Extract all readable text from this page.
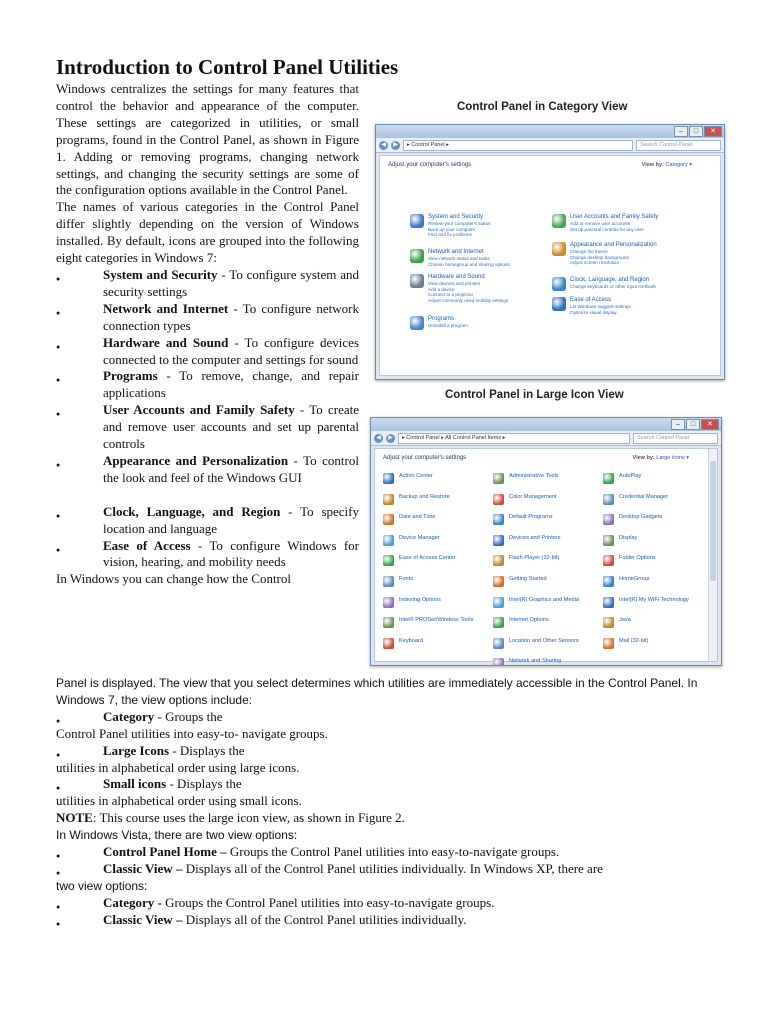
Introduction to Control Panel Utilities

Windows centralizes the settings for many features that control the behavior and appearance of the computer. These settings are categorized in utilities, or small programs, found in the Control Panel, as shown in Figure 1. Adding or removing programs, changing network settings, and changing the security settings are some of the configuration options available in the Control Panel.

The names of various categories in the Control Panel differ slightly depending on the version of Windows installed. By default, icons are grouped into the following eight categories in Windows 7:

●	System and Security - To configure system and security settings

●	Network and Internet - To configure network connection types

●	Hardware and Sound - To configure devices connected to the computer and settings for sound

●	Programs - To remove, change, and repair applications

●	User Accounts and Family Safety - To create and remove user accounts and set up parental controls

●	Appearance and Personalization - To control the look and feel of the Windows GUI

●	Clock, Language, and Region - To specify location and language

●	Ease of Access - To configure Windows for vision, hearing, and mobility needs

In Windows you can change how the Control

Panel is displayed. The view that you select determines which utilities are immediately accessible in the Control Panel. In Windows 7, the view options include:

●	Category - Groups the

Control Panel utilities into easy-to- navigate groups.

●	Large Icons - Displays the

utilities in alphabetical order using large icons.

●	Small icons - Displays the

utilities in alphabetical order using small icons.

NOTE: This course uses the large icon view, as shown in Figure 2.

In Windows Vista, there are two view options:

●	Control Panel Home – Groups the Control Panel utilities into easy-to-navigate groups.
●	Classic View – Displays all of the Control Panel utilities individually. In Windows XP, there are

two view options:

●	Category - Groups the Control Panel utilities into easy-to-navigate groups.
●	Classic View – Displays all of the Control Panel utilities individually.
Control Panel in Category View
–	□	✕
◀	▶	▸ Control Panel ▸	Search Control Panel
Adjust your computer's settings	View by: Category ▾
System and Security
Review your computer's status
Back up your computer
Find and fix problems
Network and Internet
View network status and tasks
Choose homegroup and sharing options
Hardware and Sound
View devices and printers
Add a device
Connect to a projector
Adjust commonly used mobility settings
Programs
Uninstall a program
User Accounts and Family Safety
Add or remove user accounts
Set up parental controls for any user
Appearance and Personalization
Change the theme
Change desktop background
Adjust screen resolution
Clock, Language, and Region
Change keyboards or other input methods
Ease of Access
Let Windows suggest settings
Optimize visual display
Control Panel in Large Icon View
–	□	✕
◀	▶	▸ Control Panel ▸ All Control Panel Items ▸	Search Control Panel
Adjust your computer's settings	View by: Large icons ▾
Action Center	Administrative Tools	AutoPlay
Backup and Restore	Color Management	Credential Manager
Date and Time	Default Programs	Desktop Gadgets
Device Manager	Devices and Printers	Display
Ease of Access Center	Flash Player (32-bit)	Folder Options
Fonts	Getting Started	HomeGroup
Indexing Options	Intel(R) Graphics and Media	Intel(R) My WiFi Technology
Intel® PROSet/Wireless Tools	Internet Options	Java
Keyboard	Location and Other Sensors	Mail (32-bit)
Network and Sharing
